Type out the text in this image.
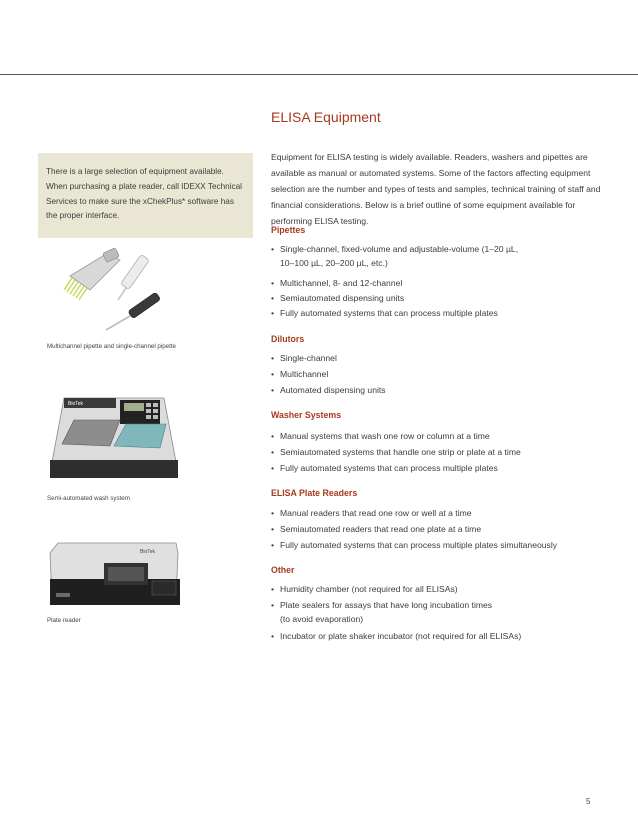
There is a large selection of equipment available. When purchasing a plate reader, call IDEXX Technical Services to make sure the xChekPlus* software has the proper interface.

Multichannel pipette and single-channel pipette
BioTek
Semi-automated wash system
BioTek
Plate reader
ELISA Equipment

Equipment for ELISA testing is widely available. Readers, washers and pipettes are available as manual or automated systems. Some of the factors affecting equipment selection are the number and types of tests and samples, technical training of staff and financial considerations. Below is a brief outline of some equipment available for performing ELISA testing.

Pipettes

• Single-channel, fixed-volume and adjustable-volume (1–20 µL,
10–100 µL, 20–200 µL, etc.)

• Multichannel, 8- and 12-channel

• Semiautomated dispensing units

• Fully automated systems that can process multiple plates

Dilutors

• Single-channel

• Multichannel

• Automated dispensing units

Washer Systems

• Manual systems that wash one row or column at a time

• Semiautomated systems that handle one strip or plate at a time

• Fully automated systems that can process multiple plates

ELISA Plate Readers

• Manual readers that read one row or well at a time

• Semiautomated readers that read one plate at a time

• Fully automated systems that can process multiple plates simultaneously

Other

• Humidity chamber (not required for all ELISAs)

• Plate sealers for assays that have long incubation times
(to avoid evaporation)

• Incubator or plate shaker incubator (not required for all ELISAs)

5
